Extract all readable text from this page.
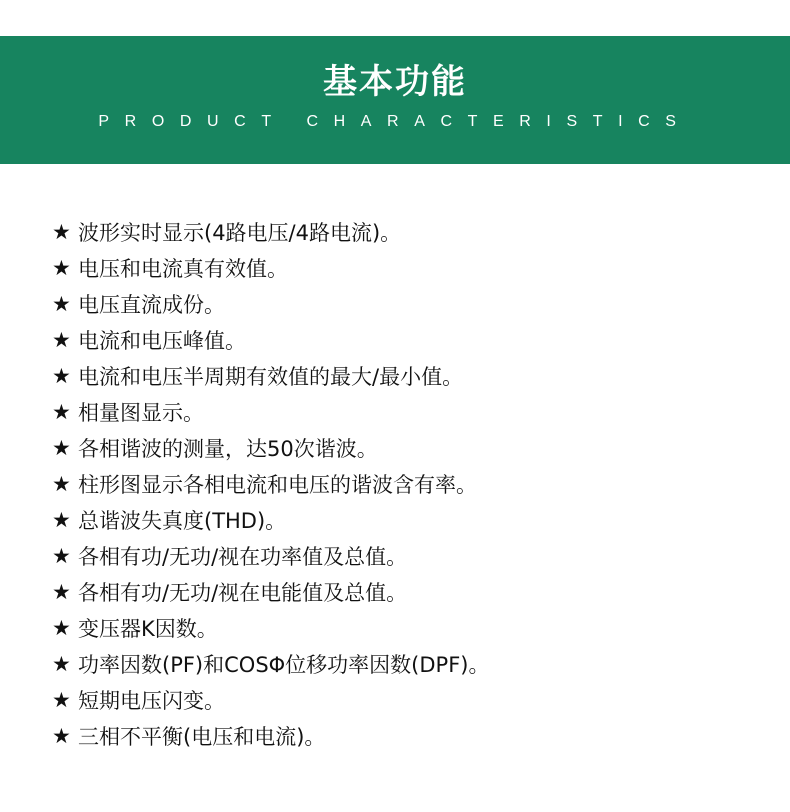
基本功能
PRODUCT CHARACTERISTICS
★ 波形实时显示(4路电压/4路电流)。
★ 电压和电流真有效值。
★ 电压直流成份。
★ 电流和电压峰值。
★ 电流和电压半周期有效值的最大/最小值。
★ 相量图显示。
★ 各相谐波的测量，达50次谐波。
★ 柱形图显示各相电流和电压的谐波含有率。
★ 总谐波失真度(THD)。
★ 各相有功/无功/视在功率值及总值。
★ 各相有功/无功/视在电能值及总值。
★ 变压器K因数。
★ 功率因数(PF)和COSΦ位移功率因数(DPF)。
★ 短期电压闪变。
★ 三相不平衡(电压和电流)。
